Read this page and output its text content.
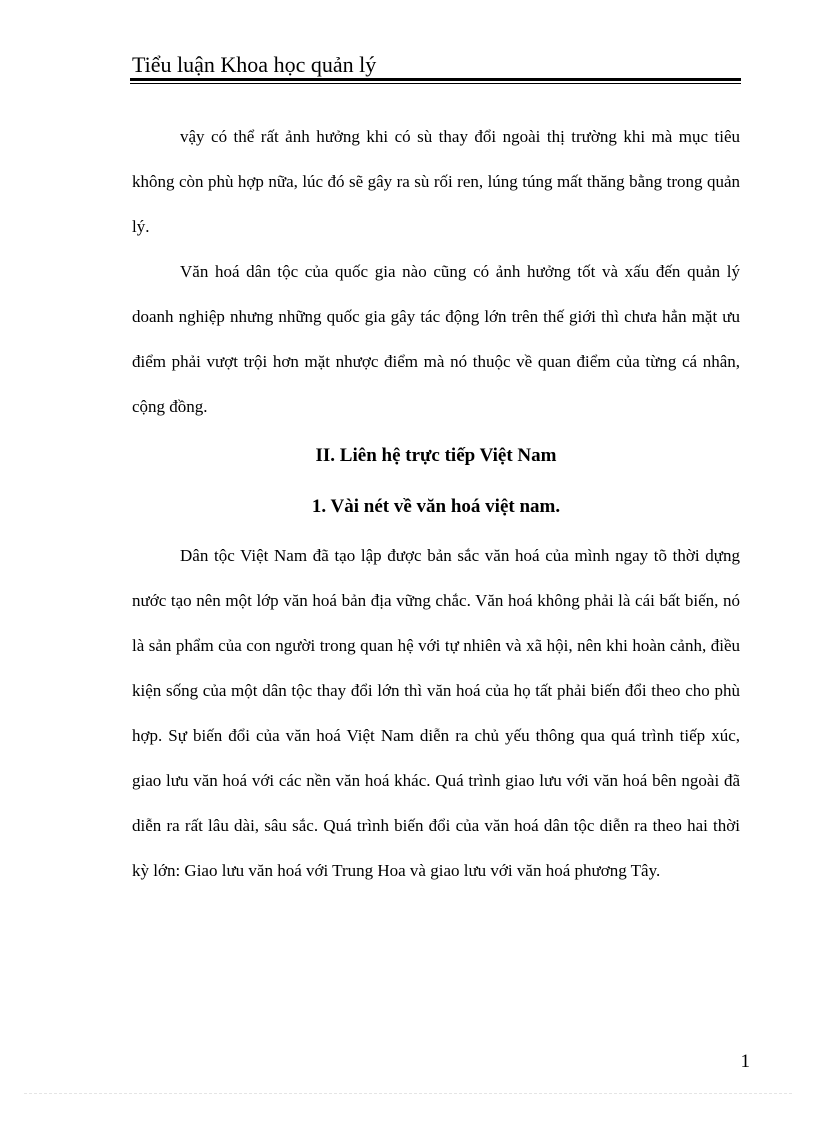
Tiểu luận Khoa học quản lý

vậy có thể rất ảnh hưởng khi có sù thay đổi ngoài thị trường khi mà mục tiêu không còn phù hợp nữa, lúc đó sẽ gây ra sù rối ren, lúng túng mất thăng bằng trong quản lý.

Văn hoá dân tộc của quốc gia nào cũng có ảnh hưởng tốt và xấu đến quản lý doanh nghiệp nhưng những quốc gia gây tác động lớn trên thế giới thì chưa hẳn mặt ưu điểm phải vượt trội hơn mặt nhược điểm mà nó thuộc về quan điểm của từng cá nhân, cộng đồng.

II. Liên hệ trực tiếp Việt Nam
1. Vài nét về văn hoá việt nam.

Dân tộc Việt Nam đã tạo lập được bản sắc văn hoá của mình ngay tõ thời dựng nước tạo nên một lớp văn hoá bản địa vững chắc. Văn hoá không phải là cái bất biến, nó là sản phẩm của con người trong quan hệ với tự nhiên và xã hội, nên khi hoàn cảnh, điều kiện sống của một dân tộc thay đổi lớn thì văn hoá của họ tất phải biến đổi theo cho phù hợp. Sự biến đổi của văn hoá Việt Nam diễn ra chủ yếu thông qua quá trình tiếp xúc, giao lưu văn hoá với các nền văn hoá khác. Quá trình giao lưu với văn hoá bên ngoài đã diễn ra rất lâu dài, sâu sắc. Quá trình biến đổi của văn hoá dân tộc diễn ra theo hai thời kỳ lớn: Giao lưu văn hoá với Trung Hoa và giao lưu với văn hoá phương Tây.

1
